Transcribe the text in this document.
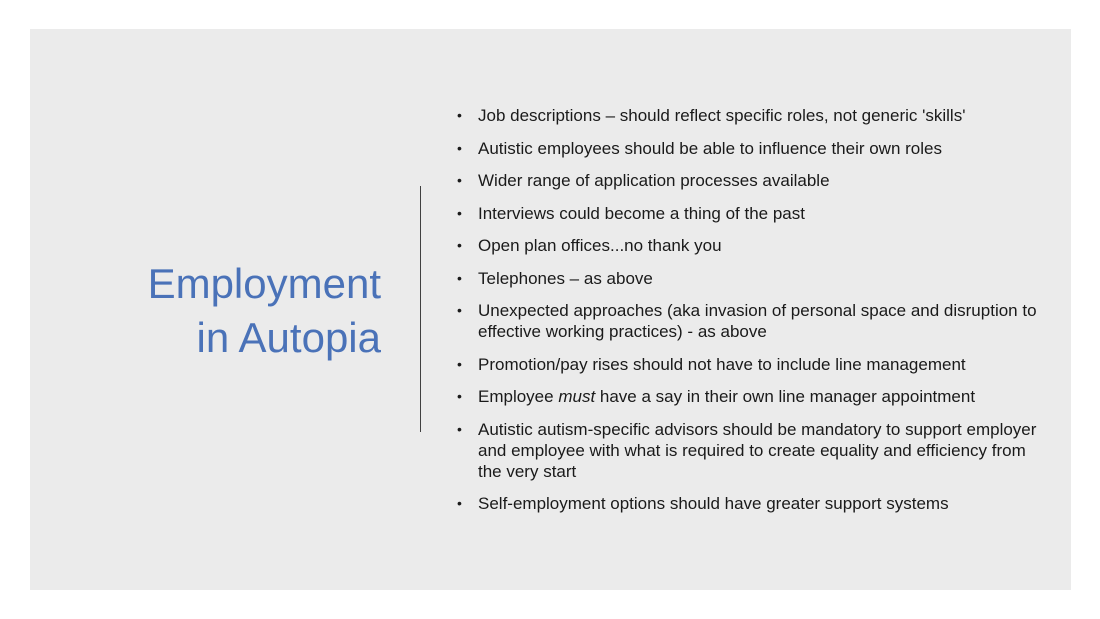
Employment
in Autopia
• Job descriptions – should reflect specific roles, not generic 'skills'
• Autistic employees should be able to influence their own roles
• Wider range of application processes available
• Interviews could become a thing of the past
• Open plan offices...no thank you
• Telephones – as above
• Unexpected approaches (aka invasion of personal space and disruption to effective working practices) - as above
• Promotion/pay rises should not have to include line management
• Employee must have a say in their own line manager appointment
• Autistic autism-specific advisors should be mandatory to support employer and employee with what is required to create equality and efficiency from the very start
• Self-employment options should have greater support systems
